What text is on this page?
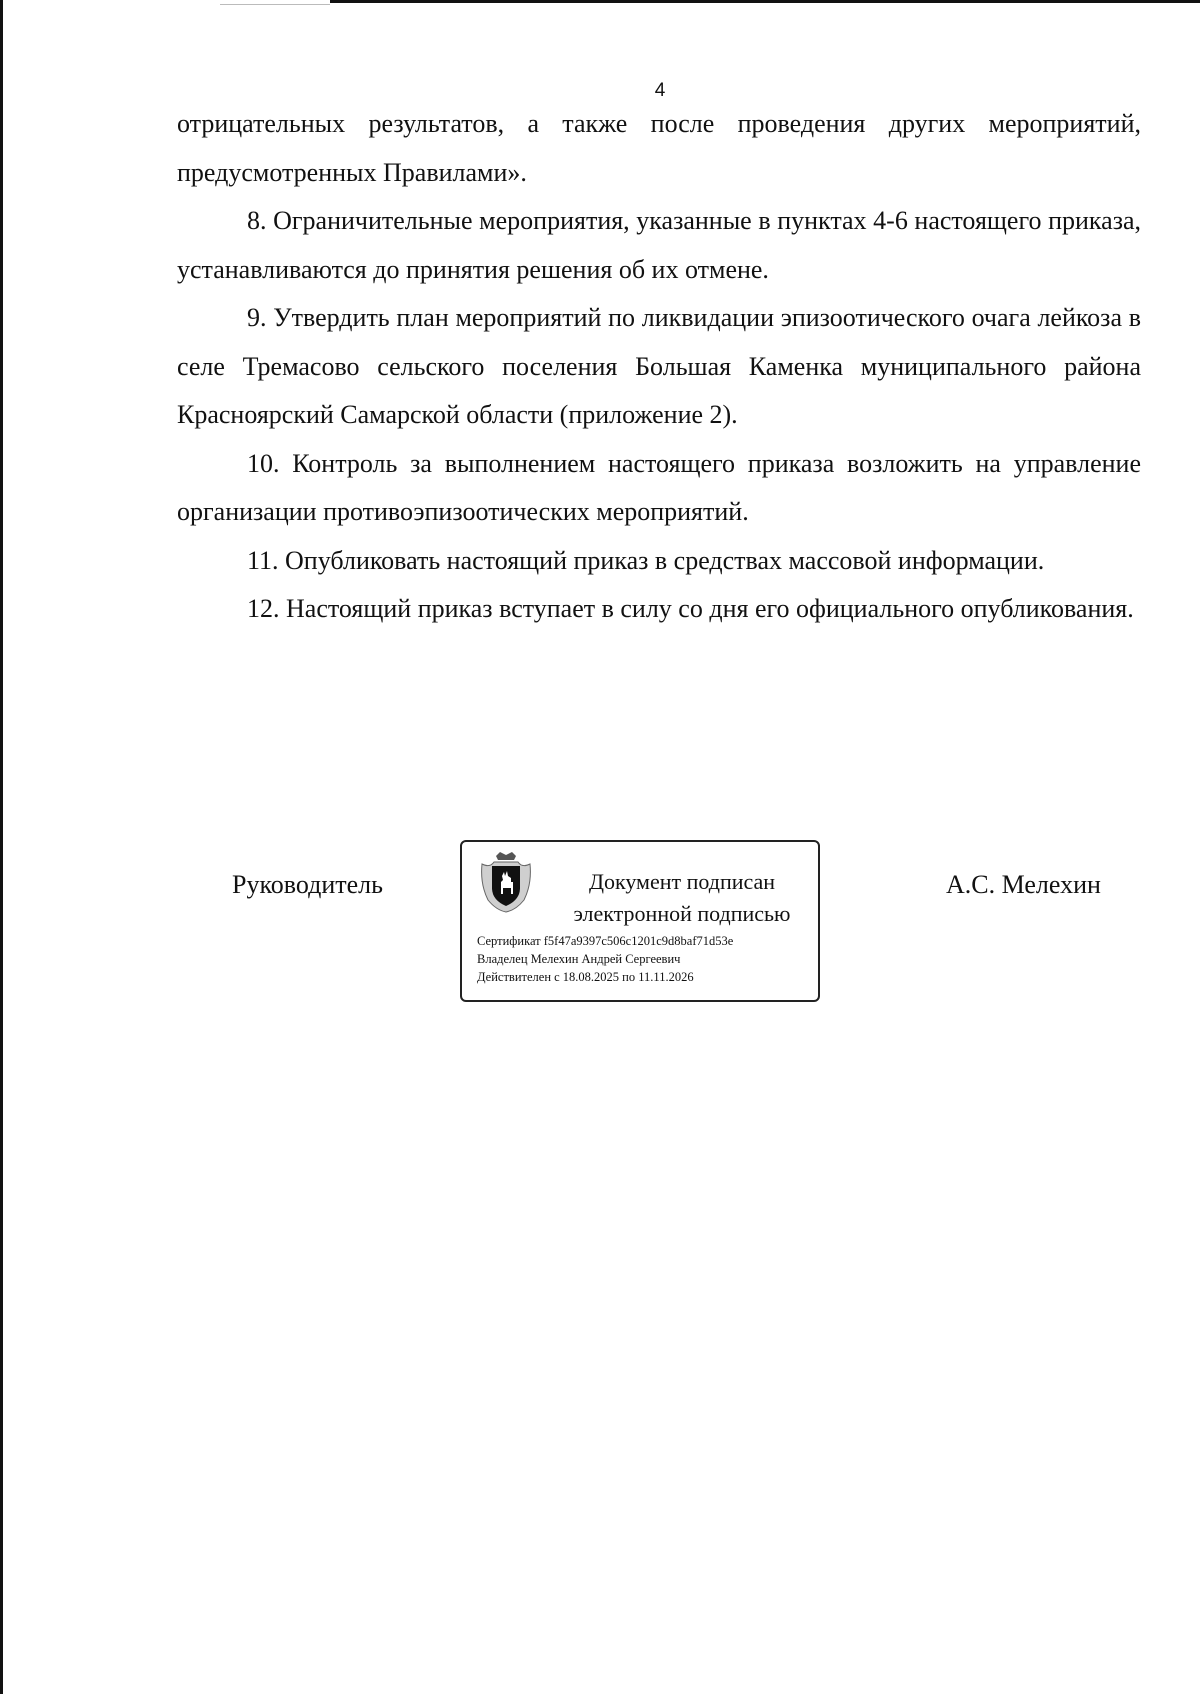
4

отрицательных результатов, а также после проведения других мероприятий, предусмотренных Правилами».

8. Ограничительные мероприятия, указанные в пунктах 4-6 настоящего приказа, устанавливаются до принятия решения об их отмене.

9. Утвердить план мероприятий по ликвидации эпизоотического очага лейкоза в селе Тремасово сельского поселения Большая Каменка муниципального района Красноярский Самарской области (приложение 2).

10. Контроль за выполнением настоящего приказа возложить на управление организации противоэпизоотических мероприятий.

11. Опубликовать настоящий приказ в средствах массовой информации.

12. Настоящий приказ вступает в силу со дня его официального опубликования.

Руководитель	Документ подписан
электронной подписью
Сертификат f5f47a9397c506c1201c9d8baf71d53e
Владелец Мелехин Андрей Сергеевич
Действителен с 18.08.2025 по 11.11.2026
А.С. Мелехин
